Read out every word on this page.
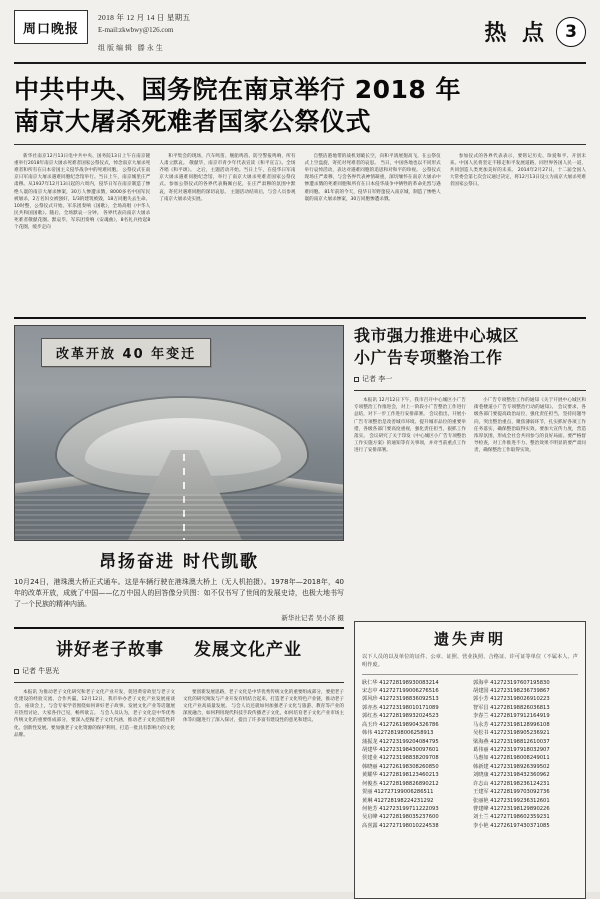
周口晚报
2018 年 12 月 14 日 星期五
E-mail:zkwbwy@126.com
组版编辑 滕永生
热 点	3
中共中央、国务院在南京举行 2018 年
南京大屠杀死难者国家公祭仪式
新华社南京12月13日电中共中央、国务院13日上午在南京隆重举行2018年南京大屠杀死难者国家公祭仪式，悼念南京大屠杀死难者和所有在日本帝国主义侵华战争中的死难同胞。 公祭仪式在南京日军南京大屠杀遇难同胞纪念馆举行。当日上午，南京城里庄严肃穆。从1937年12月13日起的六周内，侵华日军在南京制造了惨绝人寰的南京大屠杀惨案，30万人惨遭杀戮，8000多名中国军民被屠杀，2万名妇女被强奸，1/3的建筑被毁，18万同胞失去生命。 10时整，公祭仪式开始。军乐团奏响《国歌》，全场高唱《中华人民共和国国歌》。随后，全场默哀一分钟。 各界代表向南京大屠杀死难者敬献花圈。默哀毕，军乐团奏响《安魂曲》，8名礼兵抬起8个花圈，缓步走向
和平集会的现场，汽车鸣笛、舰船鸣笛、防空警报鸣响，所有人肃立默哀。 敬献毕，南京市青少年代表宣读《和平宣言》。全场齐唱《和平颂》。 之后，主题活动开始。当日上午，在侵华日军南京大屠杀遇难同胞纪念馆，举行了南京大屠杀死难者国家公祭仪式。参加公祭仪式的各界代表胸佩白花，在庄严肃穆的氛围中默哀，寄托对遇难同胞的深切哀思。 主题活动结束后，与会人员参观了南京大屠杀史实展。
自整洁港地带的战机划破长空，向和平鸽展翅高飞，在公祭仪式上空盘旋，寄托对死难者的哀思。 当日，中国各地也以不同形式举行哀悼活动，表达对遇难同胞的追思和对和平的珍视。 公祭仪式现场庄严肃穆，与会各界代表神情凝重，深切缅怀在南京大屠杀中惨遭杀戮的死难同胞和所有在日本侵华战争中牺牲的革命先烈与遇难同胞。 81年前的今天，侵华日军野蛮侵入南京城，制造了惨绝人寰的南京大屠杀惨案，30万同胞惨遭杀戮。
参加仪式的各界代表表示，要铭记历史、珍爱和平、开创未来。中国人民将坚定不移走和平发展道路，同世界各国人民一道，共同创造人类更加美好的未来。 2014年2月27日，十二届全国人大常委会第七次会议通过决定，将12月13日设立为南京大屠杀死难者国家公祭日。
改革开放 40 年变迁
昂扬奋进 时代凯歌
10月24日，港珠澳大桥正式通车。这是车辆行驶在港珠澳大桥上（无人机拍摄）。1978年—2018年，40年的改革开放，成就了中国——亿万中国人的回答像分贝图：如不仅书写了世间的发展史诗，也极大地书写了一个民族的精神内涵。
新华社记者 吴小泽 摄
我市强力推进中心城区
小广告专项整治工作
记者 李一
本报讯 12月12日下午，我市召开中心城区小广告专项整治工作推进会，对上一阶段小广告整治工作进行总结，对下一步工作进行安排部署。 会议指出，开展小广告专项整治是改善城市环境、提升城市品位的重要举措，各级各部门要高度重视，强化责任担当，狠抓工作落实。 会议研究了关于印发《中心城区小广告专项整治工作实施方案》的通知等有关事项，并对当前重点工作进行了安排部署。
小广告专项整治工作的通知《关于开展中心城区和街巷楼道小广告专项整治行动的通知》。 会议要求，各级各部门要提高政治站位，强化责任担当，坚持问题导向，突出整治重点，聚焦薄弱环节，扎实抓好各项工作任务落实，确保整治取得实效。要加大宣传力度，营造浓厚氛围，形成全社会共同参与的良好局面。要严格督导检查，对工作推进不力、整治效果不明显的要严肃问责，确保整治工作取得实效。
讲好老子故事 发展文化产业
记者 牛思光
本报讯 为推动老子文化研究和老子文化产业开发，促进黄帝故里与老子文化建设的经验交流、合作共赢，12月12日，我市举办老子文化产业发展座谈会。 座谈会上，与会专家学者围绕如何讲好老子故事、发展文化产业等话题展开热烈讨论，大家各抒己见，畅所欲言。 与会人员认为，老子文化是中华优秀传统文化的重要组成部分，要深入挖掘老子文化内涵，推动老子文化创造性转化、创新性发展。要加强老子文化资源的保护利用，打造一批具有影响力的文化品牌。
要创新发展思路，老子文化是中华优秀传统文化的重要组成部分，要把老子文化的研究阐发与产业开发有机结合起来，打造老子文化特色产业链，推动老子文化产业高质量发展。 与会人员还就如何加强老子文化与旅游、教育等产业的深度融合，如何利用现代科技手段传播老子文化，如何培育老子文化产业市场主体等问题进行了深入探讨，提出了许多富有建设性的意见和建议。
遗失声明
以下人员的以及单位的证件、公章、证照、营业执照、合格证、许可证等单位（不属本人、声明作废。
耿仁华 412728198930083214
宋志中 412727199006276516
郭风珍 412723198836092513
郭亦杰 412723198010171089
郭红杰 412728198932024523
高玉玲 412726198904326786
韩伟 412728198006258913
蒲振龙 412723199204084795
胡建华 412723198430097601
侯建业 412723198838209708
韩晓丽 412726198308260850
黄耀华 412728198123460213
何俊杰 412728198826890212
贺丽 412727199006286511
黄琳 412728198224231292
何艳芳 412723199711222093
吴启峰 412728198035237600
高喜露 412727198010224538
郭海苹 412723197607195830
胡建国 412723198236739867
郭小芳 412723198026910223
智军昌 412728198826036813
李春兰 412728197912164919
马永芳 412723198128996108
吴松书 412723198905236921
梁海燕 412723198812610037
葛伟丽 412723197918032907
马惠如 412728198008249011
韩新建 412723198926399502
刘晓康 412723198432360962
许志山 412728198236124231
王建军 412728199703092736
张丽艳 412723199236312601
曹建峰 412723198129890226
刘士兰 412727198602359231
李小艳 412726197430371085
